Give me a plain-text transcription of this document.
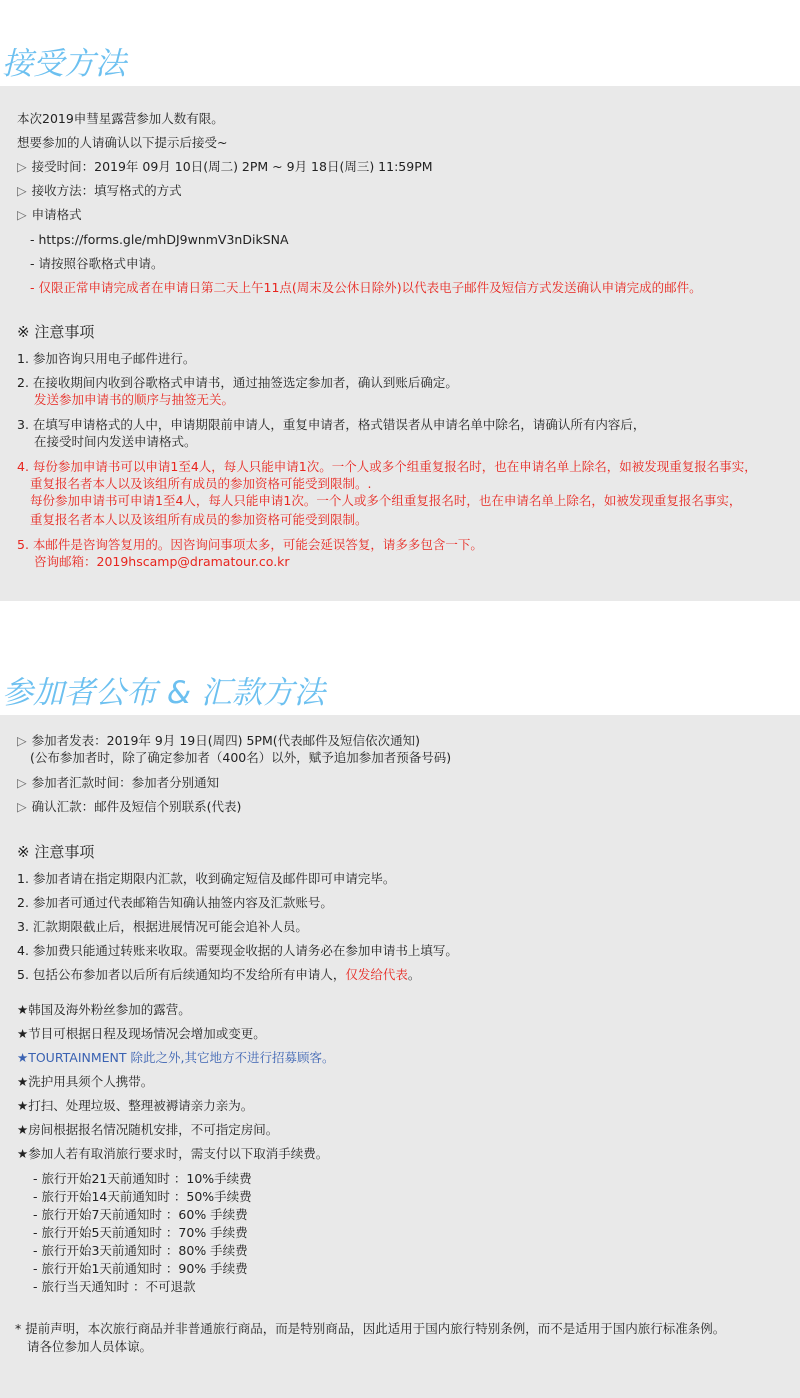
接受方法
本次2019申彗星露营参加人数有限。
想要参加的人请确认以下提示后接受~
▷ 接受时间：2019年 09月 10日(周二) 2PM ~ 9月 18日(周三) 11:59PM
▷ 接收方法：填写格式的方式
▷ 申请格式
- https://forms.gle/mhDJ9wnmV3nDikSNA
- 请按照谷歌格式申请。
- 仅限正常申请完成者在申请日第二天上午11点(周末及公休日除外)以代表电子邮件及短信方式发送确认申请完成的邮件。
※ 注意事项
1. 参加咨询只用电子邮件进行。
2. 在接收期间内收到谷歌格式申请书，通过抽签选定参加者，确认到账后确定。
发送参加申请书的顺序与抽签无关。
3. 在填写申请格式的人中，申请期限前申请人，重复申请者，格式错误者从申请名单中除名，请确认所有内容后，
在接受时间内发送申请格式。
4. 每份参加申请书可以申请1至4人，每人只能申请1次。一个人或多个组重复报名时，也在申请名单上除名，如被发现重复报名事实，
重复报名者本人以及该组所有成员的参加资格可能受到限制。.
每份参加申请书可申请1至4人，每人只能申请1次。一个人或多个组重复报名时，也在申请名单上除名，如被发现重复报名事实，
重复报名者本人以及该组所有成员的参加资格可能受到限制。
5. 本邮件是咨询答复用的。因咨询问事项太多，可能会延误答复，请多多包含一下。
咨询邮箱：2019hscamp@dramatour.co.kr
参加者公布 & 汇款方法
▷ 参加者发表：2019年 9月 19日(周四) 5PM(代表邮件及短信依次通知)
(公布参加者时，除了确定参加者（400名）以外，赋予追加参加者预备号码)
▷ 参加者汇款时间：参加者分别通知
▷ 确认汇款：邮件及短信个别联系(代表)
※ 注意事项
1. 参加者请在指定期限内汇款，收到确定短信及邮件即可申请完毕。
2. 参加者可通过代表邮箱告知确认抽签内容及汇款账号。
3. 汇款期限截止后，根据进展情况可能会追补人员。
4. 参加费只能通过转账来收取。需要现金收据的人请务必在参加申请书上填写。
5. 包括公布参加者以后所有后续通知均不发给所有申请人，仅发给代表。
★韩国及海外粉丝参加的露营。
★节目可根据日程及现场情况会增加或变更。
★TOURTAINMENT 除此之外,其它地方不进行招募顾客。
★洗护用具须个人携带。
★打扫、处理垃圾、整理被褥请亲力亲为。
★房间根据报名情况随机安排，不可指定房间。
★参加人若有取消旅行要求时，需支付以下取消手续费。
- 旅行开始21天前通知时 ：10%手续费
- 旅行开始14天前通知时 ：50%手续费
- 旅行开始7天前通知时 ：60% 手续费
- 旅行开始5天前通知时 ：70% 手续费
- 旅行开始3天前通知时 ：80% 手续费
- 旅行开始1天前通知时 ：90% 手续费
- 旅行当天通知时 ：不可退款
* 提前声明，本次旅行商品并非普通旅行商品，而是特别商品，因此适用于国内旅行特别条例，而不是适用于国内旅行标准条例。
请各位参加人员体谅。
